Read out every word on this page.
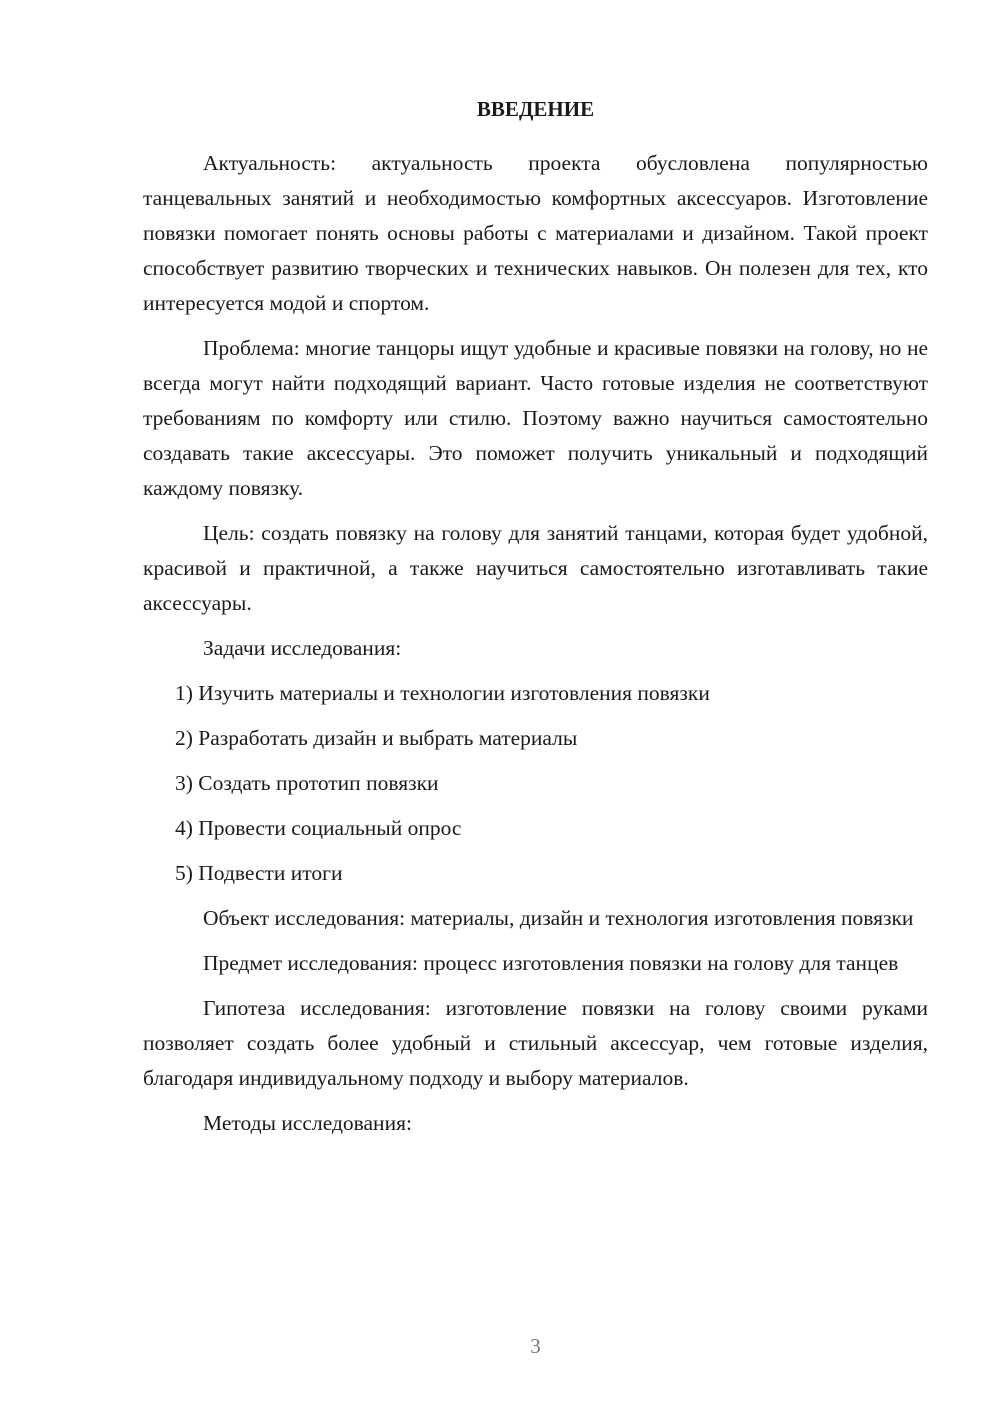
ВВЕДЕНИЕ

Актуальность: актуальность проекта обусловлена популярностью танцевальных занятий и необходимостью комфортных аксессуаров. Изготовление повязки помогает понять основы работы с материалами и дизайном. Такой проект способствует развитию творческих и технических навыков. Он полезен для тех, кто интересуется модой и спортом.

Проблема: многие танцоры ищут удобные и красивые повязки на голову, но не всегда могут найти подходящий вариант. Часто готовые изделия не соответствуют требованиям по комфорту или стилю. Поэтому важно научиться самостоятельно создавать такие аксессуары. Это поможет получить уникальный и подходящий каждому повязку.

Цель: создать повязку на голову для занятий танцами, которая будет удобной, красивой и практичной, а также научиться самостоятельно изготавливать такие аксессуары.

Задачи исследования:

1) Изучить материалы и технологии изготовления повязки
2) Разработать дизайн и выбрать материалы
3) Создать прототип повязки
4) Провести социальный опрос
5) Подвести итоги

Объект исследования: материалы, дизайн и технология изготовления повязки

Предмет исследования: процесс изготовления повязки на голову для танцев

Гипотеза исследования: изготовление повязки на голову своими руками позволяет создать более удобный и стильный аксессуар, чем готовые изделия, благодаря индивидуальному подходу и выбору материалов.

Методы исследования:

3
